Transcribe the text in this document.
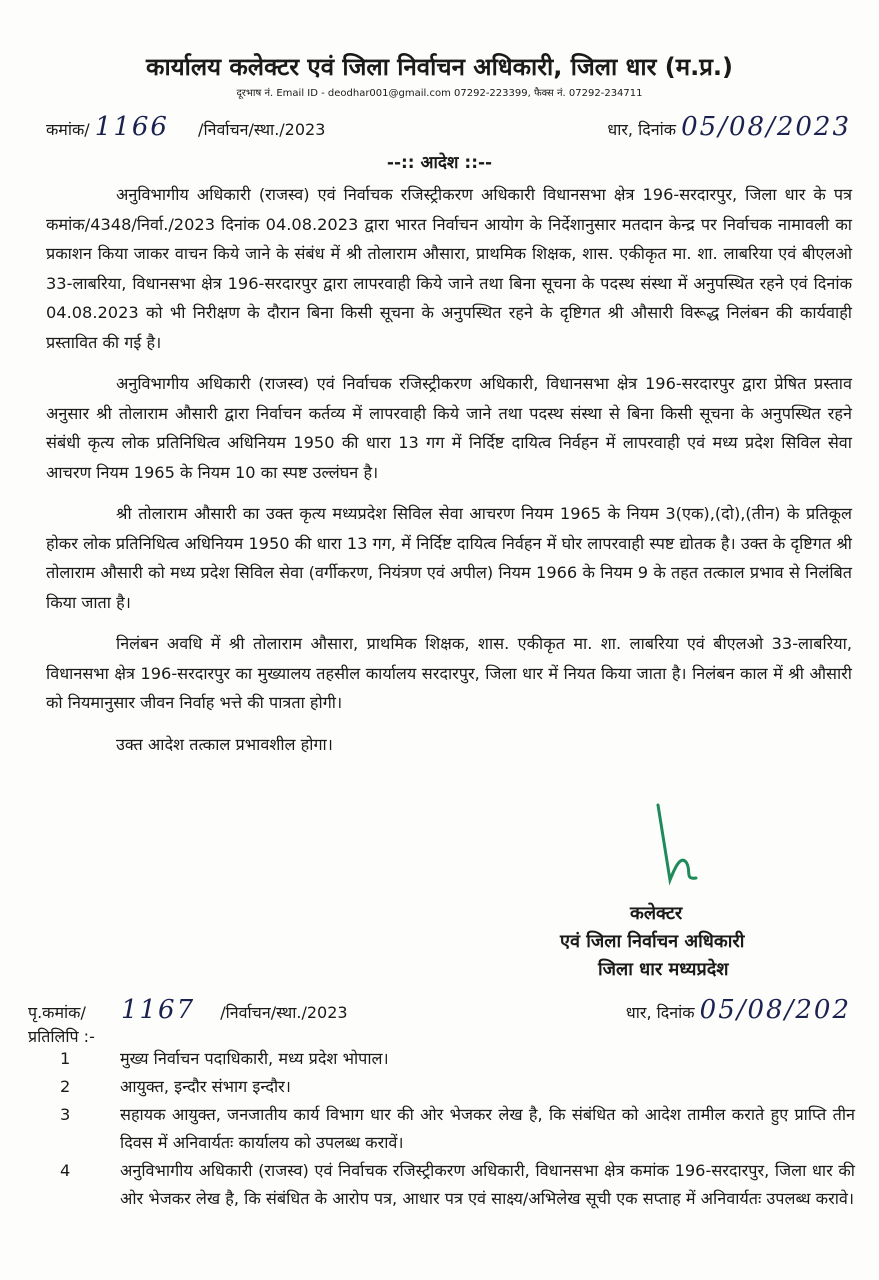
कार्यालय कलेक्टर एवं जिला निर्वाचन अधिकारी, जिला धार (म.प्र.)
दूरभाष नं. Email ID - deodhar001@gmail.com 07292-223399, फैक्स नं. 07292-234711
कमांक/ 1166 /निर्वाचन/स्था./2023	धार, दिनांक 05/08/2023
--:: आदेश ::--

अनुविभागीय अधिकारी (राजस्व) एवं निर्वाचक रजिस्ट्रीकरण अधिकारी विधानसभा क्षेत्र 196-सरदारपुर, जिला धार के पत्र कमांक/4348/निर्वा./2023 दिनांक 04.08.2023 द्वारा भारत निर्वाचन आयोग के निर्देशानुसार मतदान केन्द्र पर निर्वाचक नामावली का प्रकाशन किया जाकर वाचन किये जाने के संबंध में श्री तोलाराम औसारा, प्राथमिक शिक्षक, शास. एकीकृत मा. शा. लाबरिया एवं बीएलओ 33-लाबरिया, विधानसभा क्षेत्र 196-सरदारपुर द्वारा लापरवाही किये जाने तथा बिना सूचना के पदस्थ संस्था में अनुपस्थित रहने एवं दिनांक 04.08.2023 को भी निरीक्षण के दौरान बिना किसी सूचना के अनुपस्थित रहने के दृष्टिगत श्री औसारी विरूद्ध निलंबन की कार्यवाही प्रस्तावित की गई है।

अनुविभागीय अधिकारी (राजस्व) एवं निर्वाचक रजिस्ट्रीकरण अधिकारी, विधानसभा क्षेत्र 196-सरदारपुर द्वारा प्रेषित प्रस्ताव अनुसार श्री तोलाराम औसारी द्वारा निर्वाचन कर्तव्य में लापरवाही किये जाने तथा पदस्थ संस्था से बिना किसी सूचना के अनुपस्थित रहने संबंधी कृत्य लोक प्रतिनिधित्व अधिनियम 1950 की धारा 13 गग में निर्दिष्ट दायित्व निर्वहन में लापरवाही एवं मध्य प्रदेश सिविल सेवा आचरण नियम 1965 के नियम 10 का स्पष्ट उल्लंघन है।

श्री तोलाराम औसारी का उक्त कृत्य मध्यप्रदेश सिविल सेवा आचरण नियम 1965 के नियम 3(एक),(दो),(तीन) के प्रतिकूल होकर लोक प्रतिनिधित्व अधिनियम 1950 की धारा 13 गग, में निर्दिष्ट दायित्व निर्वहन में घोर लापरवाही स्पष्ट द्योतक है। उक्त के दृष्टिगत श्री तोलाराम औसारी को मध्य प्रदेश सिविल सेवा (वर्गीकरण, नियंत्रण एवं अपील) नियम 1966 के नियम 9 के तहत तत्काल प्रभाव से निलंबित किया जाता है।

निलंबन अवधि में श्री तोलाराम औसारा, प्राथमिक शिक्षक, शास. एकीकृत मा. शा. लाबरिया एवं बीएलओ 33-लाबरिया, विधानसभा क्षेत्र 196-सरदारपुर का मुख्यालय तहसील कार्यालय सरदारपुर, जिला धार में नियत किया जाता है। निलंबन काल में श्री औसारी को नियमानुसार जीवन निर्वाह भत्ते की पात्रता होगी।

उक्त आदेश तत्काल प्रभावशील होगा।

कलेक्टर
एवं जिला निर्वाचन अधिकारी
जिला धार मध्यप्रदेश
पृ.कमांक/ 1167 /निर्वाचन/स्था./2023	धार, दिनांक 05/08/202
प्रतिलिपि :-
1	मुख्य निर्वाचन पदाधिकारी, मध्य प्रदेश भोपाल।
2	आयुक्त, इन्दौर संभाग इन्दौर।
3	सहायक आयुक्त, जनजातीय कार्य विभाग धार की ओर भेजकर लेख है, कि संबंधित को आदेश तामील कराते हुए प्राप्ति तीन दिवस में अनिवार्यतः कार्यालय को उपलब्ध करावें।
4	अनुविभागीय अधिकारी (राजस्व) एवं निर्वाचक रजिस्ट्रीकरण अधिकारी, विधानसभा क्षेत्र कमांक 196-सरदारपुर, जिला धार की ओर भेजकर लेख है, कि संबंधित के आरोप पत्र, आधार पत्र एवं साक्ष्य/अभिलेख सूची एक सप्ताह में अनिवार्यतः उपलब्ध करावे।
